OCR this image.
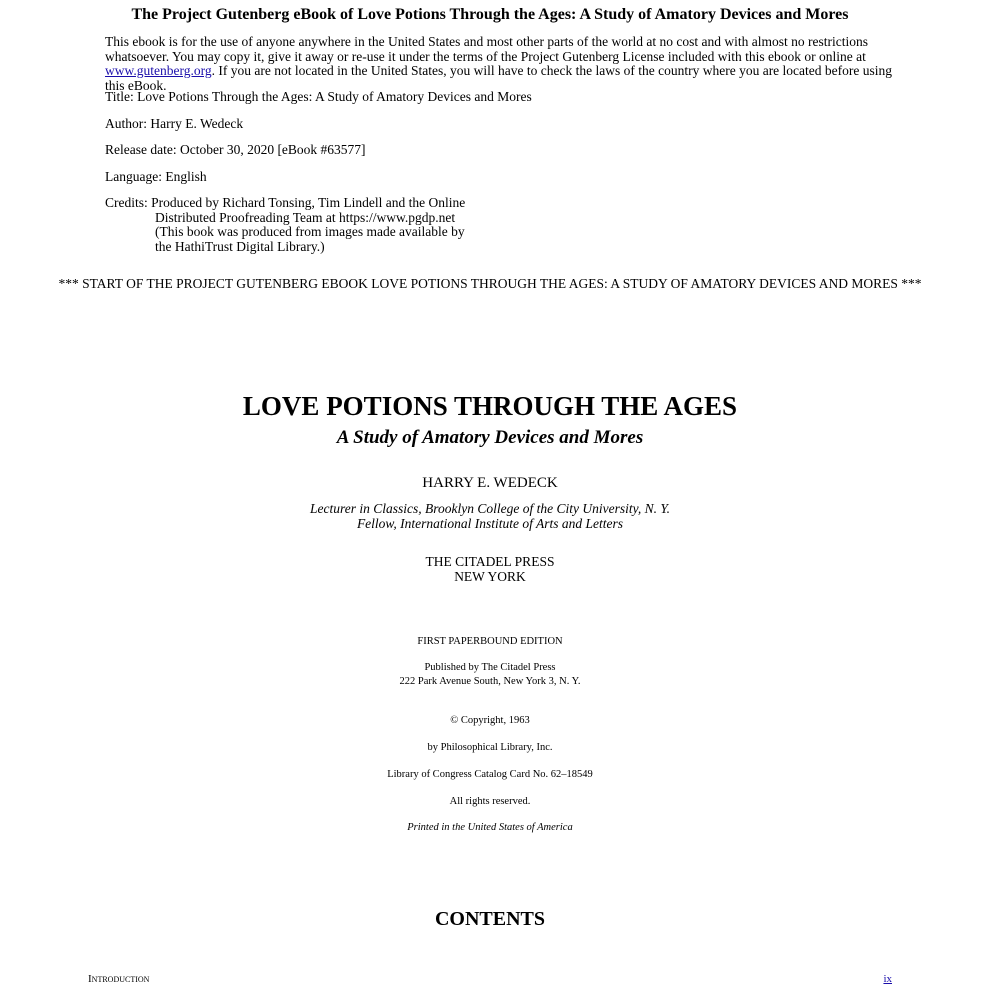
The Project Gutenberg eBook of Love Potions Through the Ages: A Study of Amatory Devices and Mores

This ebook is for the use of anyone anywhere in the United States and most other parts of the world at no cost and with almost no restrictions whatsoever. You may copy it, give it away or re-use it under the terms of the Project Gutenberg License included with this ebook or online at www.gutenberg.org. If you are not located in the United States, you will have to check the laws of the country where you are located before using this eBook.

Title: Love Potions Through the Ages: A Study of Amatory Devices and Mores
Author: Harry E. Wedeck
Release date: October 30, 2020 [eBook #63577]
Language: English
Credits: Produced by Richard Tonsing, Tim Lindell and the Online
Distributed Proofreading Team at https://www.pgdp.net (This book was produced from images made available by the HathiTrust Digital Library.)
*** START OF THE PROJECT GUTENBERG EBOOK LOVE POTIONS THROUGH THE AGES: A STUDY OF AMATORY DEVICES AND MORES ***
LOVE POTIONS THROUGH THE AGES
A Study of Amatory Devices and Mores
HARRY E. WEDECK
Lecturer in Classics, Brooklyn College of the City University, N. Y.
Fellow, International Institute of Arts and Letters
THE CITADEL PRESS
NEW YORK
FIRST PAPERBOUND EDITION
Published by The Citadel Press
222 Park Avenue South, New York 3, N. Y.
© Copyright, 1963
by Philosophical Library, Inc.
Library of Congress Catalog Card No. 62–18549
All rights reserved.
Printed in the United States of America
CONTENTS
Introduction	ix
